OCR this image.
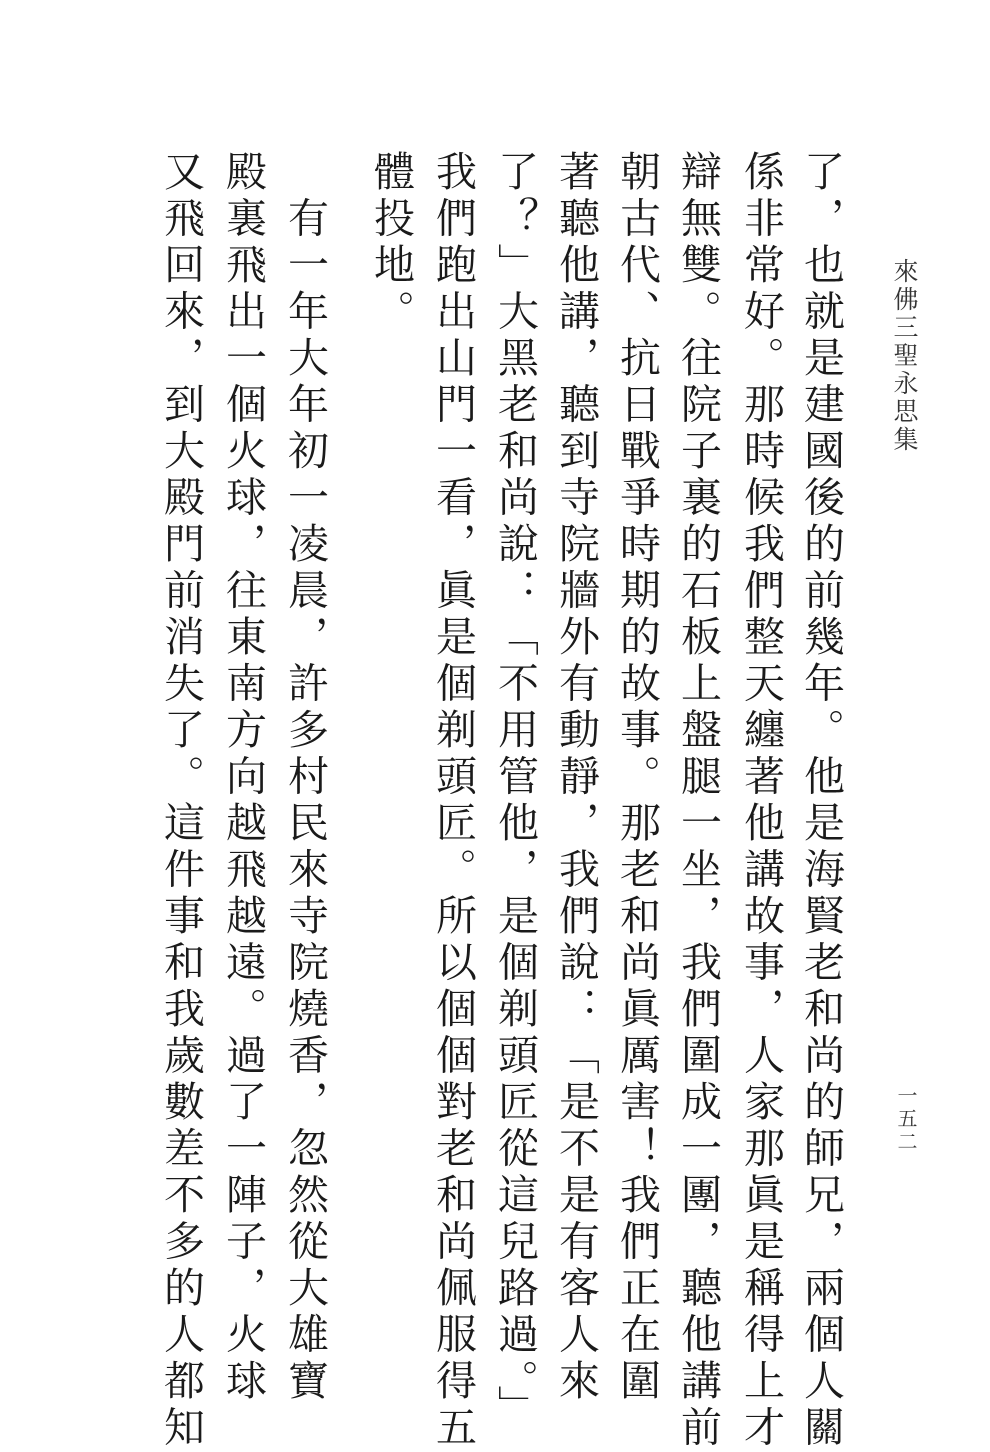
來佛三聖永思集
一五二
了，也就是建國後的前幾年。他是海賢老和尚的師兄，兩個人關
係非常好。那時候我們整天纏著他講故事，人家那眞是稱得上才
辯無雙。往院子裏的石板上盤腿一坐，我們圍成一團，聽他講前
朝古代、抗日戰爭時期的故事。那老和尚眞厲害！我們正在圍
著聽他講，聽到寺院牆外有動靜，我們說：「是不是有客人來
了？」大黑老和尚說：「不用管他，是個剃頭匠從這兒路過。」
我們跑出山門一看，眞是個剃頭匠。所以個個對老和尚佩服得五
體投地。
　有一年大年初一凌晨，許多村民來寺院燒香，忽然從大雄寶
殿裏飛出一個火球，往東南方向越飛越遠。過了一陣子，火球
又飛回來，到大殿門前消失了。這件事和我歲數差不多的人都知
